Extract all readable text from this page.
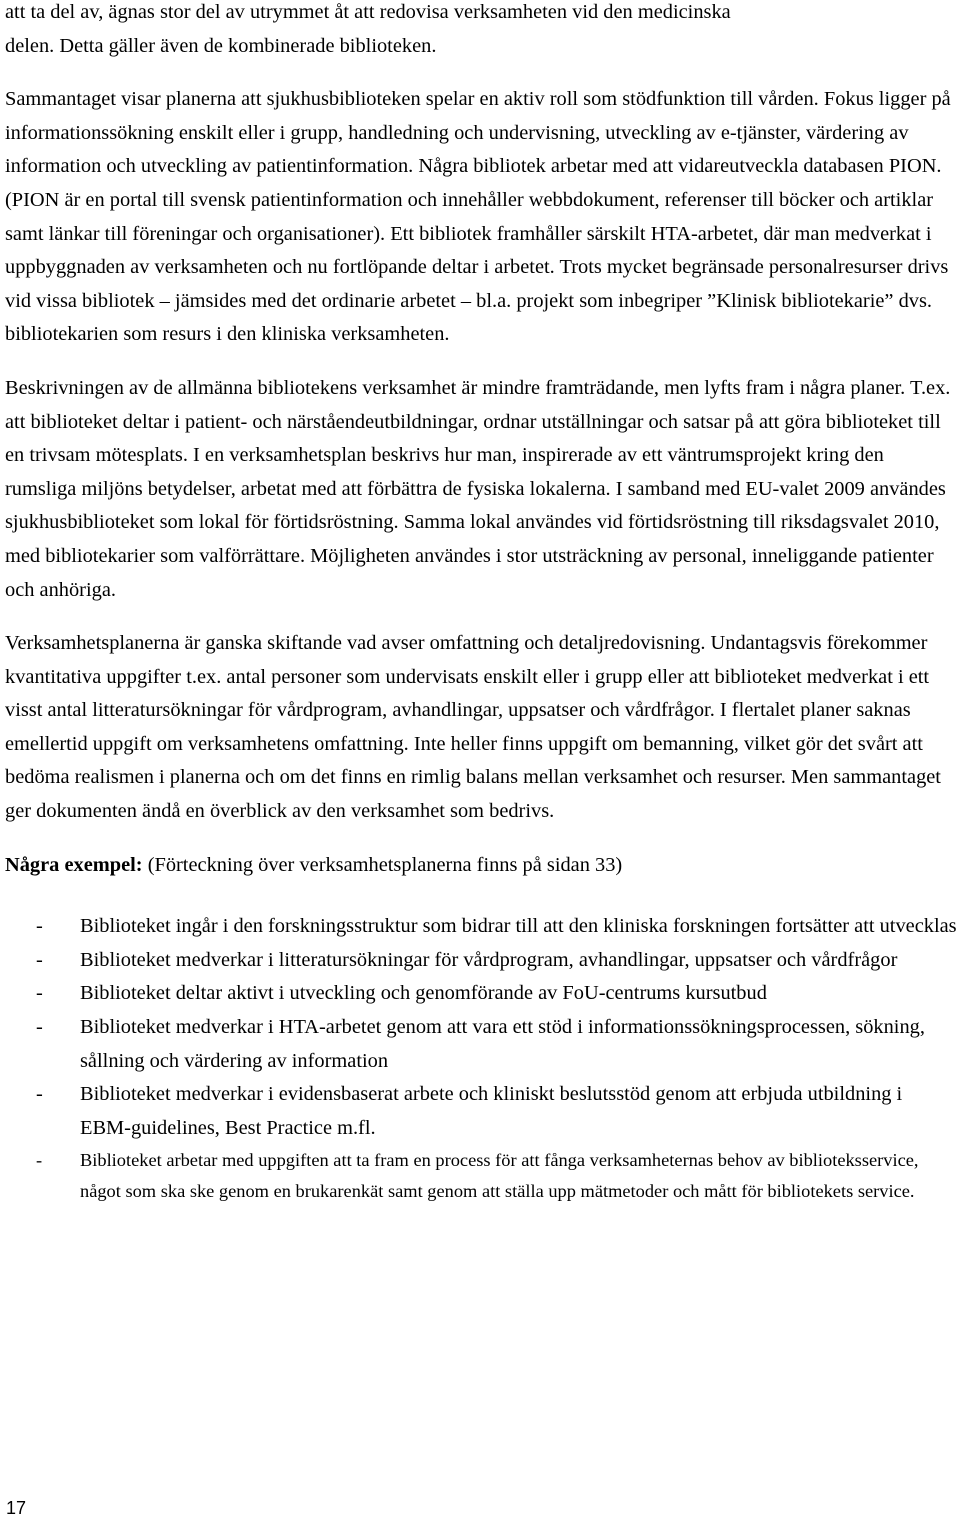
att ta del av, ägnas stor del av utrymmet åt att redovisa verksamheten vid den medicinska
delen. Detta gäller även de kombinerade biblioteken.

Sammantaget visar planerna att sjukhusbiblioteken spelar en aktiv roll som stödfunktion till vården. Fokus ligger på informationssökning enskilt eller i grupp, handledning och undervisning, utveckling av e-tjänster, värdering av information och utveckling av patientinformation. Några bibliotek arbetar med att vidareutveckla databasen PION. (PION är en portal till svensk patientinformation och innehåller webbdokument, referenser till böcker och artiklar samt länkar till föreningar och organisationer). Ett bibliotek framhåller särskilt HTA-arbetet, där man medverkat i uppbyggnaden av verksamheten och nu fortlöpande deltar i arbetet. Trots mycket begränsade personalresurser drivs vid vissa bibliotek – jämsides med det ordinarie arbetet – bl.a. projekt som inbegriper ”Klinisk bibliotekarie” dvs. bibliotekarien som resurs i den kliniska verksamheten.

Beskrivningen av de allmänna bibliotekens verksamhet är mindre framträdande, men lyfts fram i några planer. T.ex. att biblioteket deltar i patient- och närståendeutbildningar, ordnar utställningar och satsar på att göra biblioteket till en trivsam mötesplats. I en verksamhetsplan beskrivs hur man, inspirerade av ett väntrumsprojekt kring den rumsliga miljöns betydelser, arbetat med att förbättra de fysiska lokalerna. I samband med EU-valet 2009 användes sjukhusbiblioteket som lokal för förtidsröstning. Samma lokal användes vid förtidsröstning till riksdagsvalet 2010, med bibliotekarier som valförrättare. Möjligheten användes i stor utsträckning av personal, inneliggande patienter och anhöriga.

Verksamhetsplanerna är ganska skiftande vad avser omfattning och detaljredovisning. Undantagsvis förekommer kvantitativa uppgifter t.ex. antal personer som undervisats enskilt eller i grupp eller att biblioteket medverkat i ett visst antal litteratursökningar för vårdprogram, avhandlingar, uppsatser och vårdfrågor. I flertalet planer saknas emellertid uppgift om verksamhetens omfattning. Inte heller finns uppgift om bemanning, vilket gör det svårt att bedöma realismen i planerna och om det finns en rimlig balans mellan verksamhet och resurser. Men sammantaget ger dokumenten ändå en överblick av den verksamhet som bedrivs.

Några exempel: (Förteckning över verksamhetsplanerna finns på sidan 33)

- Biblioteket ingår i den forskningsstruktur som bidrar till att den kliniska forskningen fortsätter att utvecklas
- Biblioteket medverkar i litteratursökningar för vårdprogram, avhandlingar, uppsatser och vårdfrågor
- Biblioteket deltar aktivt i utveckling och genomförande av FoU-centrums kursutbud
- Biblioteket medverkar i HTA-arbetet genom att vara ett stöd i informationssökningsprocessen, sökning, sållning och värdering av information
- Biblioteket medverkar i evidensbaserat arbete och kliniskt beslutsstöd genom att erbjuda utbildning i EBM-guidelines, Best Practice m.fl.
- Biblioteket arbetar med uppgiften att ta fram en process för att fånga verksamheternas behov av biblioteksservice, något som ska ske genom en brukarenkät samt genom att ställa upp mätmetoder och mått för bibliotekets service.
17
